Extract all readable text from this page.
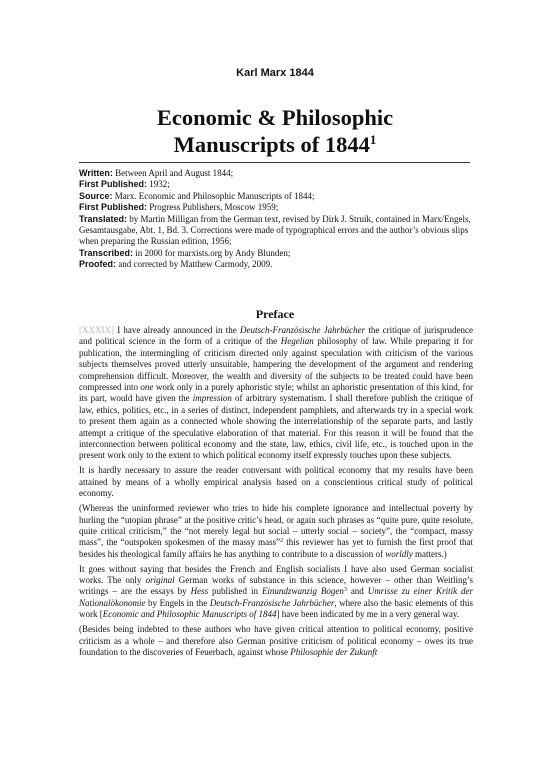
Karl Marx 1844
Economic & Philosophic
Manuscripts of 1844$^1$
Written: Between April and August 1844;
First Published: 1932;
Source: Marx. Economic and Philosophic Manuscripts of 1844;
First Published: Progress Publishers, Moscow 1959;
Translated: by Martin Milligan from the German text, revised by Dirk J. Struik, contained in Marx/Engels, Gesamtausgabe, Abt. 1, Bd. 3. Corrections were made of typographical errors and the author’s obvious slips when preparing the Russian edition, 1956;
Transcribed: in 2000 for marxists.org by Andy Blunden;
Proofed: and corrected by Matthew Carmody, 2009.
Preface

[XXXIX] I have already announced in the Deutsch-Französische Jahrbücher the critique of jurisprudence and political science in the form of a critique of the Hegelian philosophy of law. While preparing it for publication, the intermingling of criticism directed only against speculation with criticism of the various subjects themselves proved utterly unsuitable, hampering the development of the argument and rendering comprehension difficult. Moreover, the wealth and diversity of the subjects to be treated could have been compressed into one work only in a purely aphoristic style; whilst an aphoristic presentation of this kind, for its part, would have given the impression of arbitrary systematism. I shall therefore publish the critique of law, ethics, politics, etc., in a series of distinct, independent pamphlets, and afterwards try in a special work to present them again as a connected whole showing the interrelationship of the separate parts, and lastly attempt a critique of the speculative elaboration of that material. For this reason it will be found that the interconnection between political economy and the state, law, ethics, civil life, etc., is touched upon in the present work only to the extent to which political economy itself expressly touches upon these subjects.

It is hardly necessary to assure the reader conversant with political economy that my results have been attained by means of a wholly empirical analysis based on a conscientious critical study of political economy.

(Whereas the uninformed reviewer who tries to hide his complete ignorance and intellectual poverty by hurling the “utopian phrase” at the positive critic’s head, or again such phrases as “quite pure, quite resolute, quite critical criticism,” the “not merely legal but social – utterly social – society”, the “compact, massy mass”, the “outspoken spokesmen of the massy mass”$^2$ this reviewer has yet to furnish the first proof that besides his theological family affairs he has anything to contribute to a discussion of worldly matters.)

It goes without saying that besides the French and English socialists I have also used German socialist works. The only original German works of substance in this science, however – other than Weitling’s writings – are the essays by Hess published in Einundzwanzig Bogen$^3$ and Umrisse zu einer Kritik der Nationalökonomie by Engels in the Deutsch-Französische Jahrbücher, where also the basic elements of this work [Economic and Philosophic Manuscripts of 1844] have been indicated by me in a very general way.

(Besides being indebted to these authors who have given critical attention to political economy, positive criticism as a whole – and therefore also German positive criticism of political economy – owes its true foundation to the discoveries of Feuerbach, against whose Philosophie der Zukunft
